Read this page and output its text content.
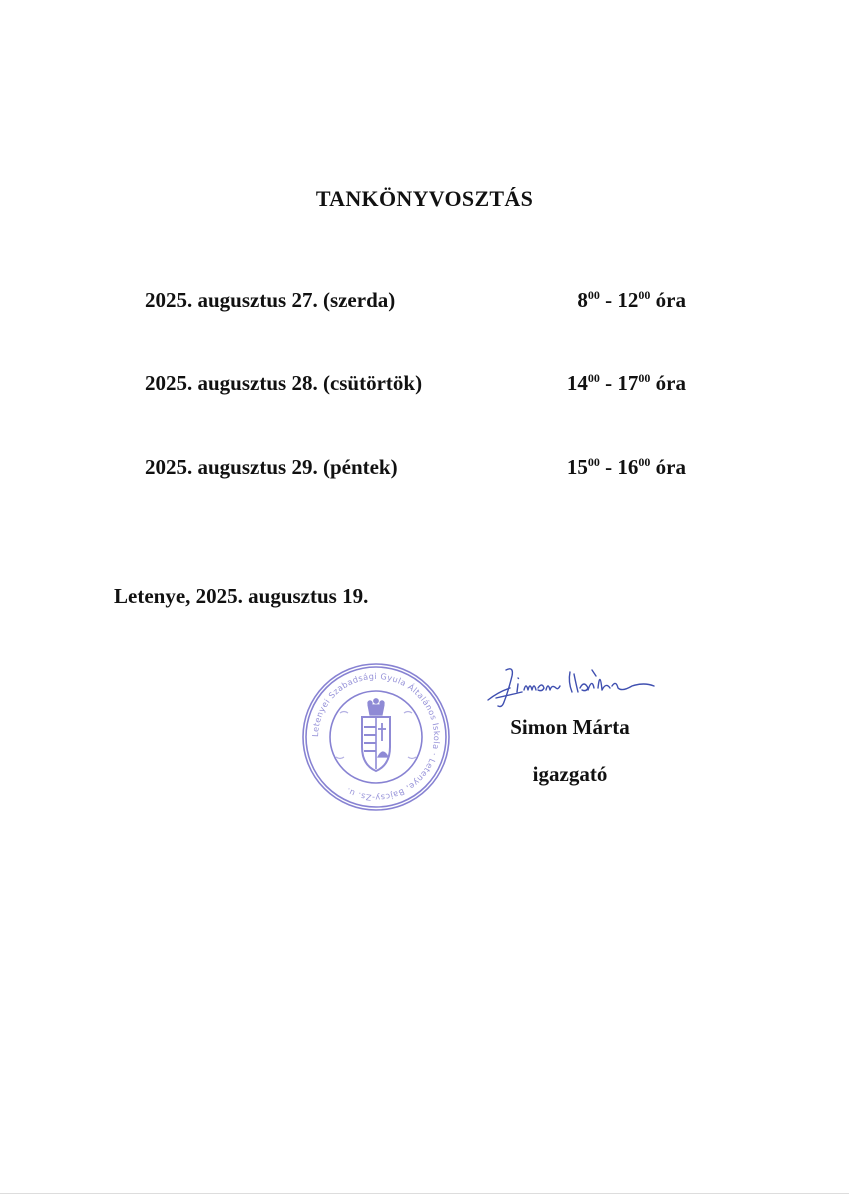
TANKÖNYVOSZTÁS
2025. augusztus 27. (szerda)	$8^{00} - 12^{00}$ óra
2025. augusztus 28. (csütörtök)	$14^{00} - 17^{00}$ óra
2025. augusztus 29. (péntek)	$15^{00} - 16^{00}$ óra
Letenye, 2025. augusztus 19.
Letenyei Szabadsági Gyula Általános Iskola · Letenye, Bajcsy-Zs. u.
Simon Márta
igazgató
